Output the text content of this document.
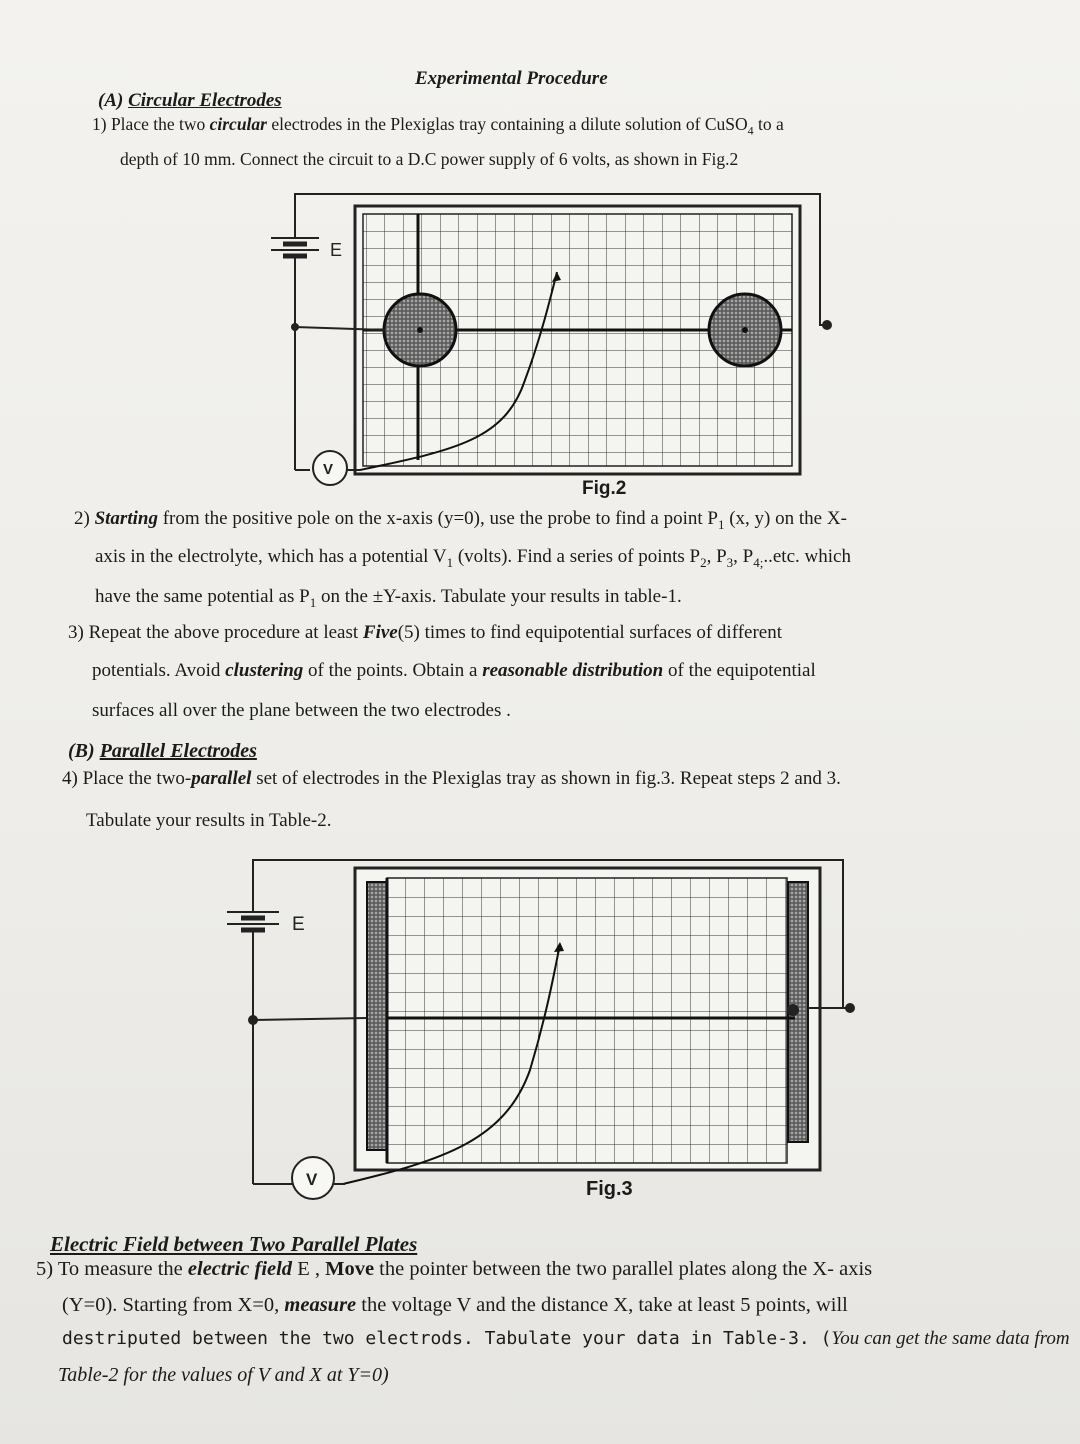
Experimental Procedure
(A) Circular Electrodes
1) Place the two circular electrodes in the Plexiglas tray containing a dilute solution of CuSO$_4$ to a
depth of 10 mm. Connect the circuit to a D.C power supply of 6 volts, as shown in Fig.2
E
V
Fig.2
2) Starting from the positive pole on the x-axis (y=0), use the probe to find a point $P_1$ (x, y) on the X-
axis in the electrolyte, which has a potential $V_1$ (volts). Find a series of points $P_2$, $P_3$, $P_{4;}..etc$. which
have the same potential as $P_1$ on the ±Y-axis. Tabulate your results in table-1.
3) Repeat the above procedure at least Five(5) times to find equipotential surfaces of different
potentials. Avoid clustering of the points. Obtain a reasonable distribution of the equipotential
surfaces all over the plane between the two electrodes .
(B) Parallel Electrodes
4) Place the two-parallel set of electrodes in the Plexiglas tray as shown in fig.3. Repeat steps 2 and 3.
Tabulate your results in Table-2.
E
V	Fig.3
Electric Field between Two Parallel Plates
5) To measure the electric field E , Move the pointer between the two parallel plates along the X- axis
(Y=0). Starting from X=0, measure the voltage V and the distance X, take at least 5 points, will
destriputed between the two electrods. Tabulate your data in Table-3. (You can get the same data from
Table-2 for the values of V and X at Y=0)
